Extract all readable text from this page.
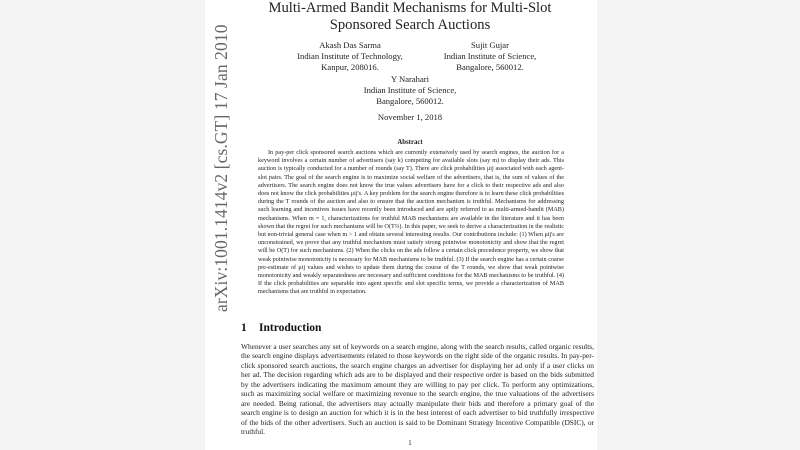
arXiv:1001.1414v2 [cs.GT] 17 Jan 2010
Multi-Armed Bandit Mechanisms for Multi-Slot
Sponsored Search Auctions
Akash Das Sarma
Indian Institute of Technology,
Kanpur, 208016.
Sujit Gujar
Indian Institute of Science,
Bangalore, 560012.
Y Narahari
Indian Institute of Science,
Bangalore, 560012.
November 1, 2018
Abstract

In pay-per click sponsored search auctions which are currently extensively used by search engines, the auction for a keyword involves a certain number of advertisers (say k) competing for available slots (say m) to display their ads. This auction is typically conducted for a number of rounds (say T). There are click probabilities μij associated with each agent-slot pairs. The goal of the search engine is to maximize social welfare of the advertisers, that is, the sum of values of the advertisers. The search engine does not know the true values advertisers have for a click to their respective ads and also does not know the click probabilities μij's. A key problem for the search engine therefore is to learn these click probabilities during the T rounds of the auction and also to ensure that the auction mechanism is truthful. Mechanisms for addressing such learning and incentives issues have recently been introduced and are aptly referred to as multi-armed-bandit (MAB) mechanisms. When m = 1, characterizations for truthful MAB mechanisms are available in the literature and it has been shown that the regret for such mechanisms will be O(T⅔). In this paper, we seek to derive a characterization in the realistic but non-trivial general case when m > 1 and obtain several interesting results. Our contributions include: (1) When μij's are unconstrained, we prove that any truthful mechanism must satisfy strong pointwise monotonicity and show that the regret will be O(T) for such mechanisms. (2) When the clicks on the ads follow a certain click precedence property, we show that weak pointwise monotonicity is necessary for MAB mechanisms to be truthful. (3) If the search engine has a certain coarse pre-estimate of μij values and wishes to update them during the course of the T rounds, we show that weak pointwise monotonicity and weakly separatedness are necessary and sufficient conditions for the MAB mechanisms to be truthful. (4) If the click probabilities are separable into agent specific and slot specific terms, we provide a characterization of MAB mechanisms that are truthful in expectation.

1 Introduction

Whenever a user searches any set of keywords on a search engine, along with the search results, called organic results, the search engine displays advertisements related to those keywords on the right side of the organic results. In pay-per-click sponsored search auctions, the search engine charges an advertiser for displaying her ad only if a user clicks on her ad. The decision regarding which ads are to be displayed and their respective order is based on the bids submitted by the advertisers indicating the maximum amount they are willing to pay per click. To perform any optimizations, such as maximizing social welfare or maximizing revenue to the search engine, the true valuations of the advertisers are needed. Being rational, the advertisers may actually manipulate their bids and therefore a primary goal of the search engine is to design an auction for which it is in the best interest of each advertiser to bid truthfully irrespective of the bids of the other advertisers. Such an auction is said to be Dominant Strategy Incentive Compatible (DSIC), or truthful.

1
